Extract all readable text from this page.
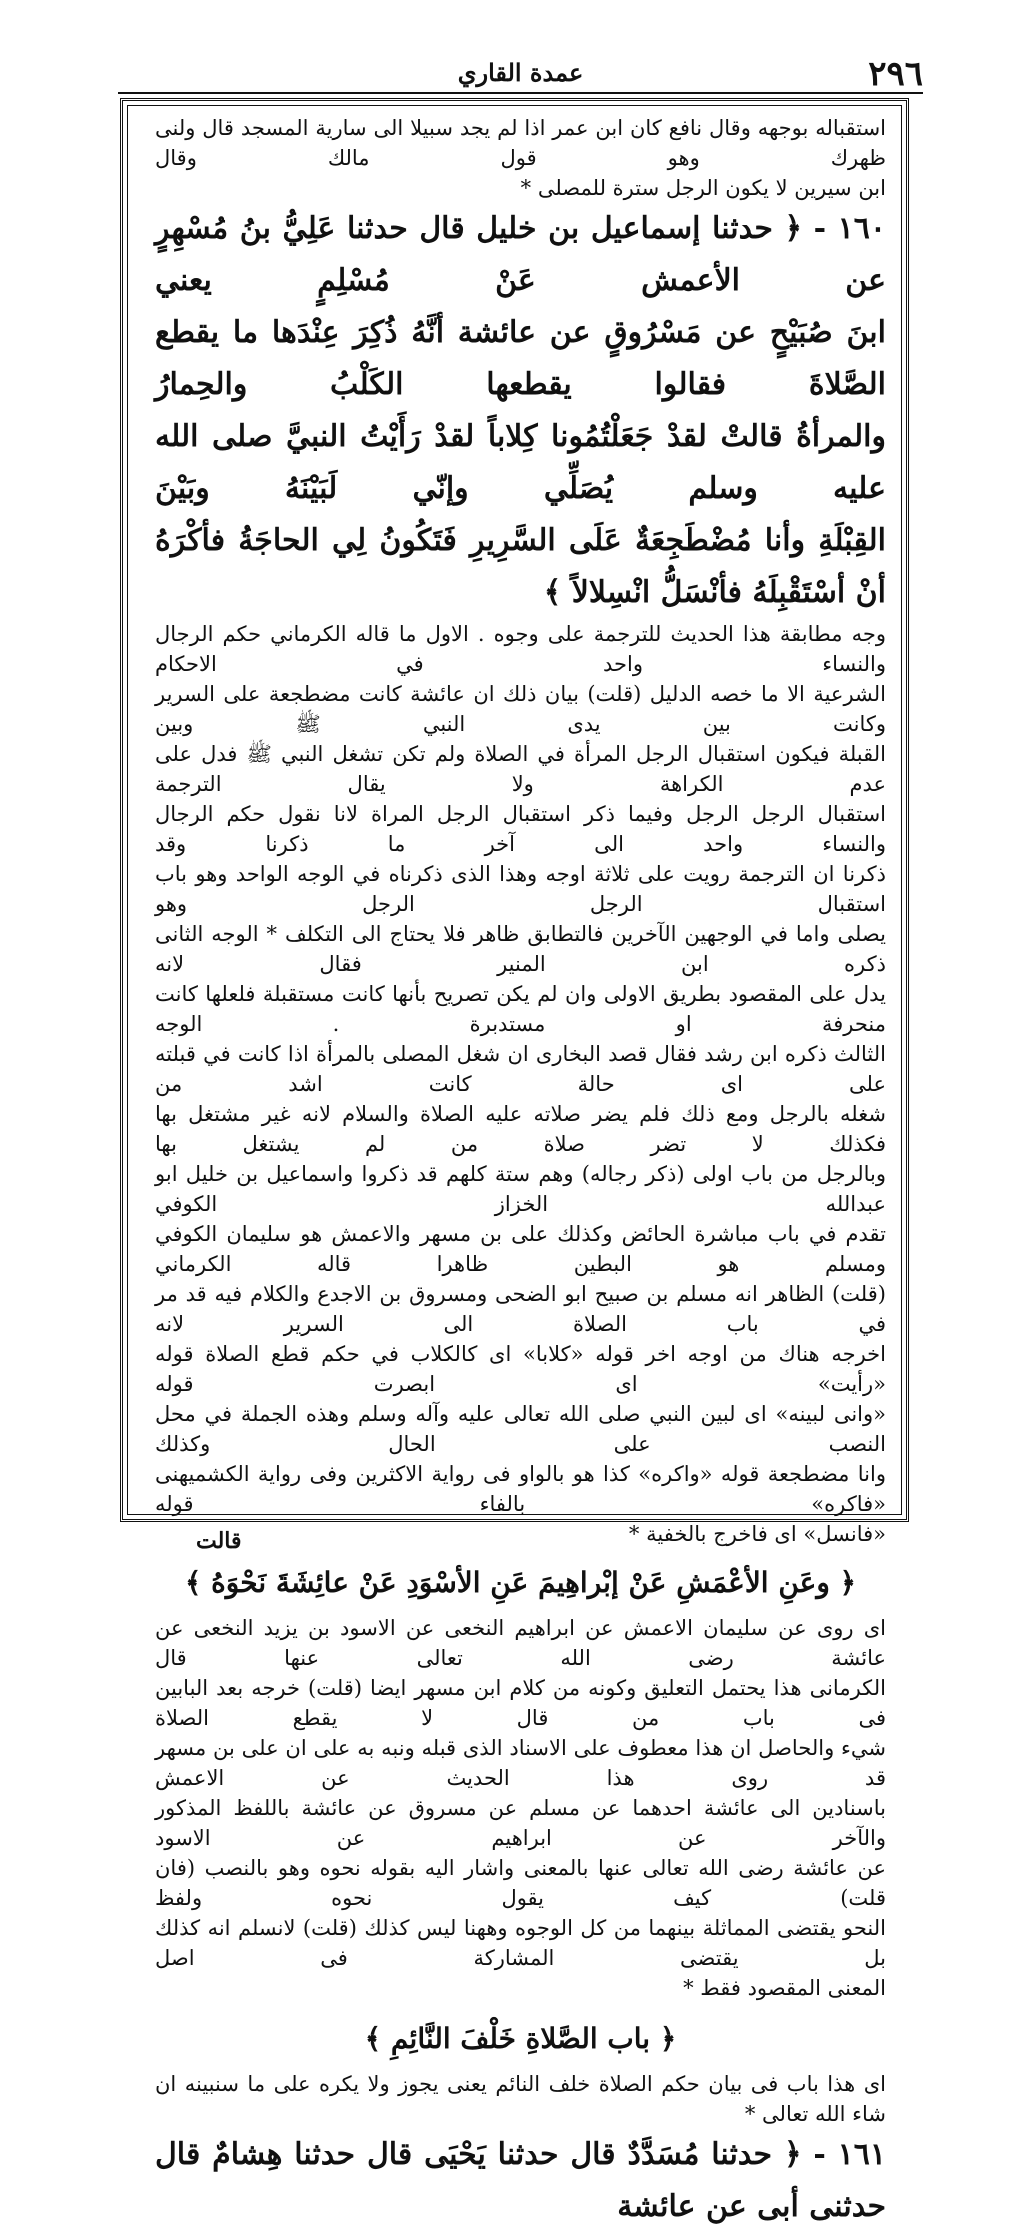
٢٩٦
عمدة القاري

استقباله بوجهه وقال نافع كان ابن عمر اذا لم يجد سبيلا الى سارية المسجد قال ولنى ظهرك وهو قول مالك وقال

ابن سيرين لا يكون الرجل سترة للمصلى *

١٦٠ - ﴿ حدثنا إسماعيل بن خليل قال حدثنا عَلِيُّ بنُ مُسْهِرٍ عن الأعمش عَنْ مُسْلِمٍ يعني

ابنَ صُبَيْحٍ عن مَسْرُوقٍ عن عائشة أنَّهُ ذُكِرَ عِنْدَها ما يقطع الصَّلاةَ فقالوا يقطعها الكَلْبُ والحِمارُ

والمرأةُ قالتْ لقدْ جَعَلْتُمُونا كِلاباً لقدْ رَأَيْتُ النبيَّ صلى الله عليه وسلم يُصَلِّي وإنّي لَبَيْنَهُ وبَيْنَ

القِبْلَةِ وأنا مُضْطَجِعَةٌ عَلَى السَّرِيرِ فَتَكُونُ لِي الحاجَةُ فأكْرَهُ أنْ أسْتَقْبِلَهُ فأنْسَلُّ انْسِلالاً ﴾

وجه مطابقة هذا الحديث للترجمة على وجوه . الاول ما قاله الكرماني حكم الرجال والنساء واحد في الاحكام

الشرعية الا ما خصه الدليل (قلت) بيان ذلك ان عائشة كانت مضطجعة على السرير وكانت بين يدى النبي ﷺ وبين

القبلة فيكون استقبال الرجل المرأة في الصلاة ولم تكن تشغل النبي ﷺ فدل على عدم الكراهة ولا يقال الترجمة

استقبال الرجل الرجل وفيما ذكر استقبال الرجل المراة لانا نقول حكم الرجال والنساء واحد الى آخر ما ذكرنا وقد

ذكرنا ان الترجمة رويت على ثلاثة اوجه وهذا الذى ذكرناه في الوجه الواحد وهو باب استقبال الرجل الرجل وهو

يصلى واما في الوجهين الآخرين فالتطابق ظاهر فلا يحتاج الى التكلف * الوجه الثانى ذكره ابن المنير فقال لانه

يدل على المقصود بطريق الاولى وان لم يكن تصريح بأنها كانت مستقبلة فلعلها كانت منحرفة او مستدبرة . الوجه

الثالث ذكره ابن رشد فقال قصد البخارى ان شغل المصلى بالمرأة اذا كانت في قبلته على اى حالة كانت اشد من

شغله بالرجل ومع ذلك فلم يضر صلاته عليه الصلاة والسلام لانه غير مشتغل بها فكذلك لا تضر صلاة من لم يشتغل بها

وبالرجل من باب اولى (ذكر رجاله) وهم ستة كلهم قد ذكروا واسماعيل بن خليل ابو عبدالله الخزاز الكوفي

تقدم في باب مباشرة الحائض وكذلك على بن مسهر والاعمش هو سليمان الكوفي ومسلم هو البطين ظاهرا قاله الكرماني

(قلت) الظاهر انه مسلم بن صبيح ابو الضحى ومسروق بن الاجدع والكلام فيه قد مر في باب الصلاة الى السرير لانه

اخرجه هناك من اوجه اخر قوله «كلابا» اى كالكلاب في حكم قطع الصلاة قوله «رأيت» اى ابصرت قوله

«وانى لبينه» اى لبين النبي صلى الله تعالى عليه وآله وسلم وهذه الجملة في محل النصب على الحال وكذلك

وانا مضطجعة قوله «واكره» كذا هو بالواو فى رواية الاكثرين وفى رواية الكشميهنى «فاكره» بالفاء قوله

«فانسل» اى فاخرج بالخفية *

﴿ وعَنِ الأعْمَشِ عَنْ إبْراهِيمَ عَنِ الأسْوَدِ عَنْ عائِشَةَ نَحْوَهُ ﴾

اى روى عن سليمان الاعمش عن ابراهيم النخعى عن الاسود بن يزيد النخعى عن عائشة رضى الله تعالى عنها قال

الكرمانى هذا يحتمل التعليق وكونه من كلام ابن مسهر ايضا (قلت) خرجه بعد البابين فى باب من قال لا يقطع الصلاة

شيء والحاصل ان هذا معطوف على الاسناد الذى قبله ونبه به على ان على بن مسهر قد روى هذا الحديث عن الاعمش

باسنادين الى عائشة احدهما عن مسلم عن مسروق عن عائشة باللفظ المذكور والآخر عن ابراهيم عن الاسود

عن عائشة رضى الله تعالى عنها بالمعنى واشار اليه بقوله نحوه وهو بالنصب (فان قلت) كيف يقول نحوه ولفظ

النحو يقتضى المماثلة بينهما من كل الوجوه وههنا ليس كذلك (قلت) لانسلم انه كذلك بل يقتضى المشاركة فى اصل

المعنى المقصود فقط *

﴿ باب الصَّلاةِ خَلْفَ النَّائِمِ ﴾

اى هذا باب فى بيان حكم الصلاة خلف النائم يعنى يجوز ولا يكره على ما سنبينه ان شاء الله تعالى *

١٦١ - ﴿ حدثنا مُسَدَّدٌ قال حدثنا يَحْيَى قال حدثنا هِشامٌ قال حدثنى أبى عن عائشة

قالت
